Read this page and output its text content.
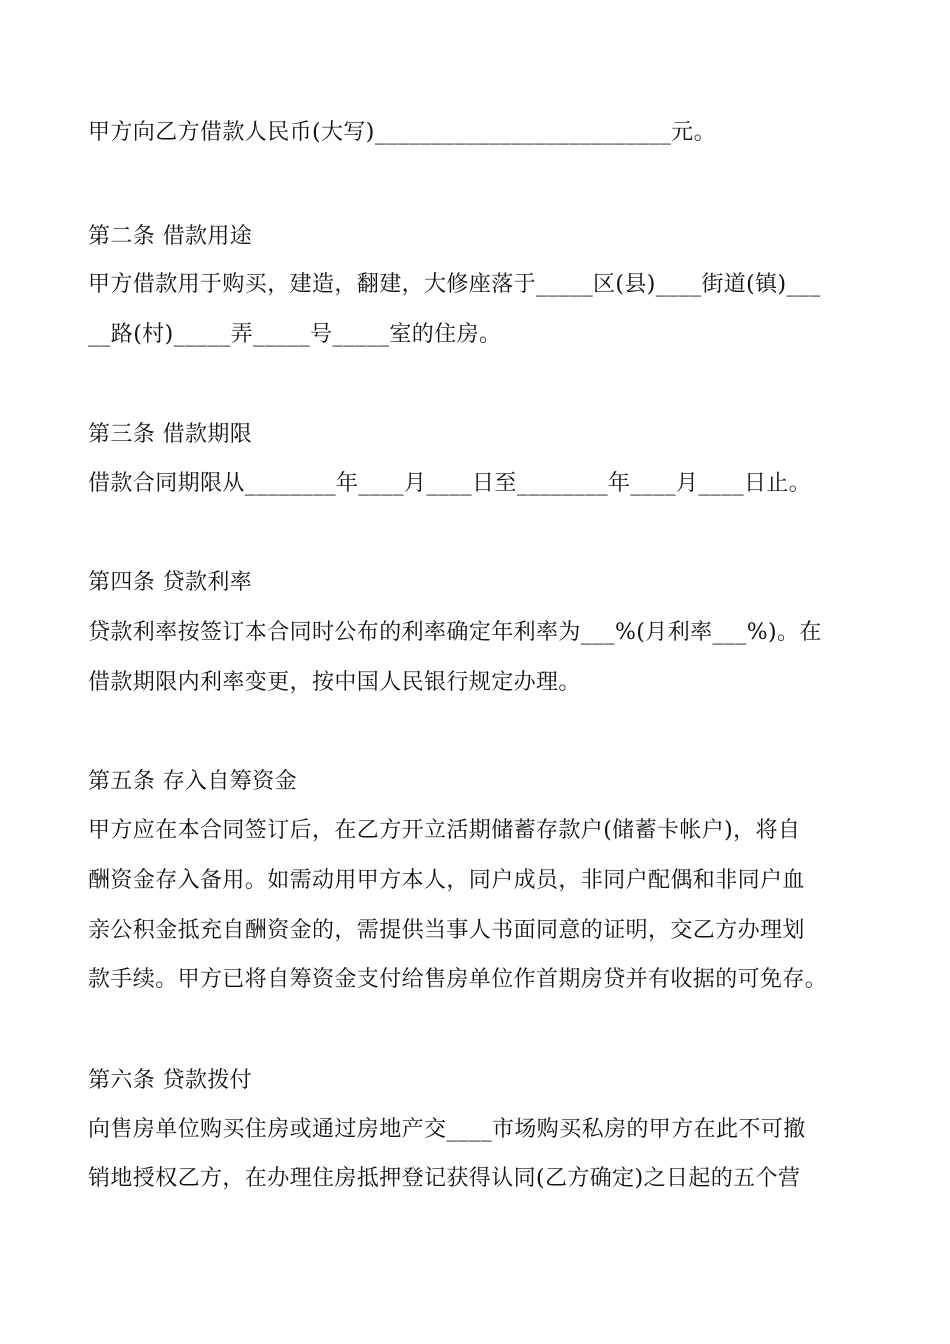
甲方向乙方借款人民币(大写)__________________________元。
第二条 借款用途
甲方借款用于购买，建造，翻建，大修座落于_____区(县)____街道(镇)___
__路(村)_____弄_____号_____室的住房。
第三条 借款期限
借款合同期限从________年____月____日至________年____月____日止。
第四条 贷款利率
贷款利率按签订本合同时公布的利率确定年利率为___%(月利率___%)。在
借款期限内利率变更，按中国人民银行规定办理。
第五条 存入自筹资金
甲方应在本合同签订后，在乙方开立活期储蓄存款户(储蓄卡帐户)，将自
酬资金存入备用。如需动用甲方本人，同户成员，非同户配偶和非同户血
亲公积金抵充自酬资金的，需提供当事人书面同意的证明，交乙方办理划
款手续。甲方已将自筹资金支付给售房单位作首期房贷并有收据的可免存。
第六条 贷款拨付
向售房单位购买住房或通过房地产交____市场购买私房的甲方在此不可撤
销地授权乙方，在办理住房抵押登记获得认同(乙方确定)之日起的五个营
